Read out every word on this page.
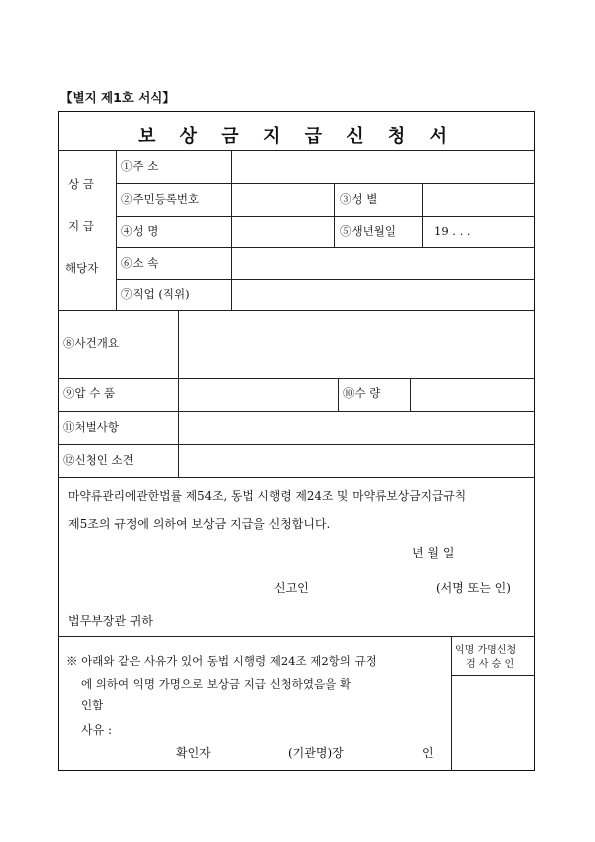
【별지 제1호 서식】
보 상 금 지 급 신 청 서
상 금
지 급
해당자
①주 소
②주민등록번호	③성 별
④성 명	⑤생년월일	19 . . .
⑥소 속
⑦직업 (직위)
⑧사건개요
⑨압 수 품	⑩수 량
⑪처벌사항
⑫신청인 소견
마약류관리에관한법률 제54조, 동법 시행령 제24조 및 마약류보상금지급규칙
제5조의 규정에 의하여 보상금 지급을 신청합니다.
년 월 일
신고인	(서명 또는 인)
법무부장관 귀하
※ 아래와 같은 사유가 있어 동법 시행령 제24조 제2항의 규정
에 의하여 익명 가명으로 보상금 지급 신청하였음을 확
인함
사유 :
확인자	(기관명)장	인
익명 가명신청
검 사 승 인
